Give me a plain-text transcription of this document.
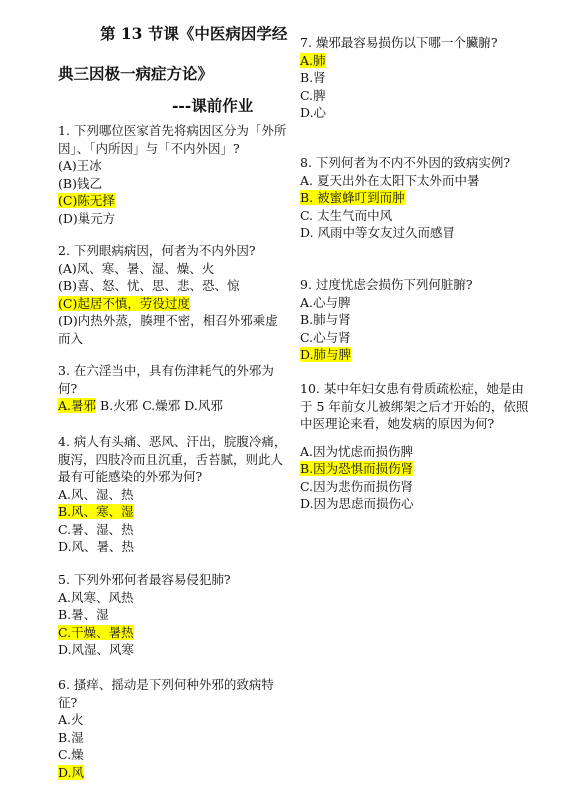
第 13 节课《中医病因学经
典三因极一病症方论》
---课前作业

1. 下列哪位医家首先将病因区分为「外所因」、「内所因」与「不内外因」?

(A)王冰

(B)钱乙

(C)陈无择

(D)巢元方

2. 下列眼病病因，何者为不内外因?

(A)风、寒、暑、湿、燥、火

(B)喜、怒、忧、思、悲、恐、惊

(C)起居不慎，劳役过度

(D)内热外蒸，腠理不密，相召外邪乘虚而入

3. 在六淫当中，具有伤津耗气的外邪为何?

A.暑邪 B.火邪 C.燥邪 D.风邪

4. 病人有头痛、恶风、汗出，脘腹冷痛，腹泻，四肢冷而且沉重，舌苔腻，则此人最有可能感染的外邪为何?

A.风、湿、热

B.风、寒、湿

C.暑、湿、热

D.风、暑、热

5. 下列外邪何者最容易侵犯肺?

A.风寒、风热

B.暑、湿

C.干燥、暑热

D.风湿、风寒

6. 搔痒、摇动是下列何种外邪的致病特征?

A.火

B.湿

C.燥

D.风

7. 燥邪最容易损伤以下哪一个臟腑?

A.肺

B.肾

C.脾

D.心

8. 下列何者为不内不外因的致病实例?

A. 夏天出外在太阳下太外而中暑

B. 被蜜蜂叮到而肿

C. 太生气而中风

D. 风雨中等女友过久而感冒

9. 过度忧虑会损伤下列何脏腑?

A.心与脾

B.肺与肾

C.心与肾

D.肺与脾

10. 某中年妇女患有骨质疏松症，她是由于 5 年前女儿被绑架之后才开始的，依照中医理论来看，她发病的原因为何?

A.因为忧虑而损伤脾

B.因为恐惧而损伤肾

C.因为悲伤而损伤肾

D.因为思虑而损伤心
